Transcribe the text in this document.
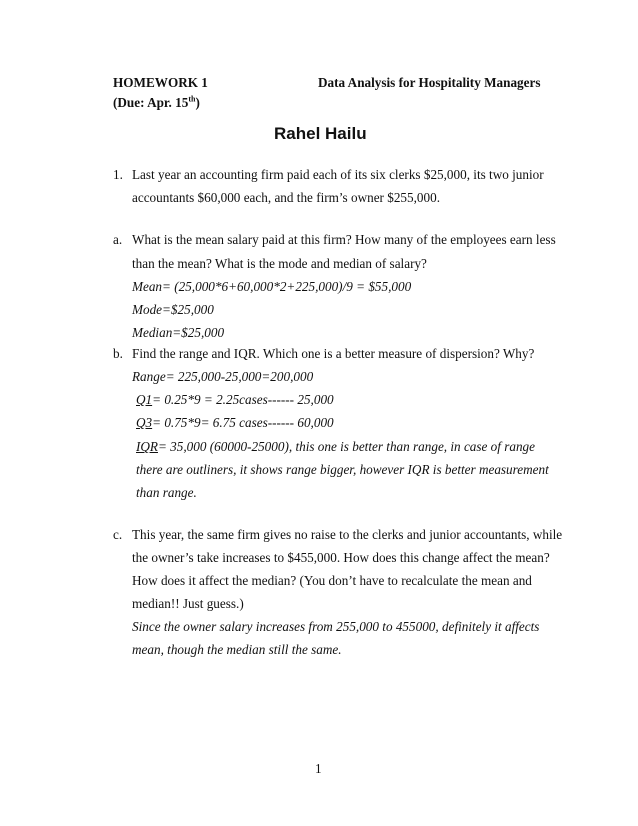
HOMEWORK 1	Data Analysis for Hospitality Managers
(Due: Apr. 15th)
Rahel Hailu
1. Last year an accounting firm paid each of its six clerks $25,000, its two junior
accountants $60,000 each, and the firm’s owner $255,000.
a. What is the mean salary paid at this firm? How many of the employees earn less
than the mean? What is the mode and median of salary?
Mean= (25,000*6+60,000*2+225,000)/9 = $55,000
Mode=$25,000
Median=$25,000
b. Find the range and IQR. Which one is a better measure of dispersion? Why?
Range= 225,000-25,000=200,000
Q1= 0.25*9 = 2.25cases------ 25,000
Q3= 0.75*9= 6.75 cases------ 60,000
IQR= 35,000 (60000-25000), this one is better than range, in case of range
there are outliners, it shows range bigger, however IQR is better measurement
than range.
c. This year, the same firm gives no raise to the clerks and junior accountants, while
the owner’s take increases to $455,000. How does this change affect the mean?
How does it affect the median? (You don’t have to recalculate the mean and
median!! Just guess.)
Since the owner salary increases from 255,000 to 455000, definitely it affects
mean, though the median still the same.
1
